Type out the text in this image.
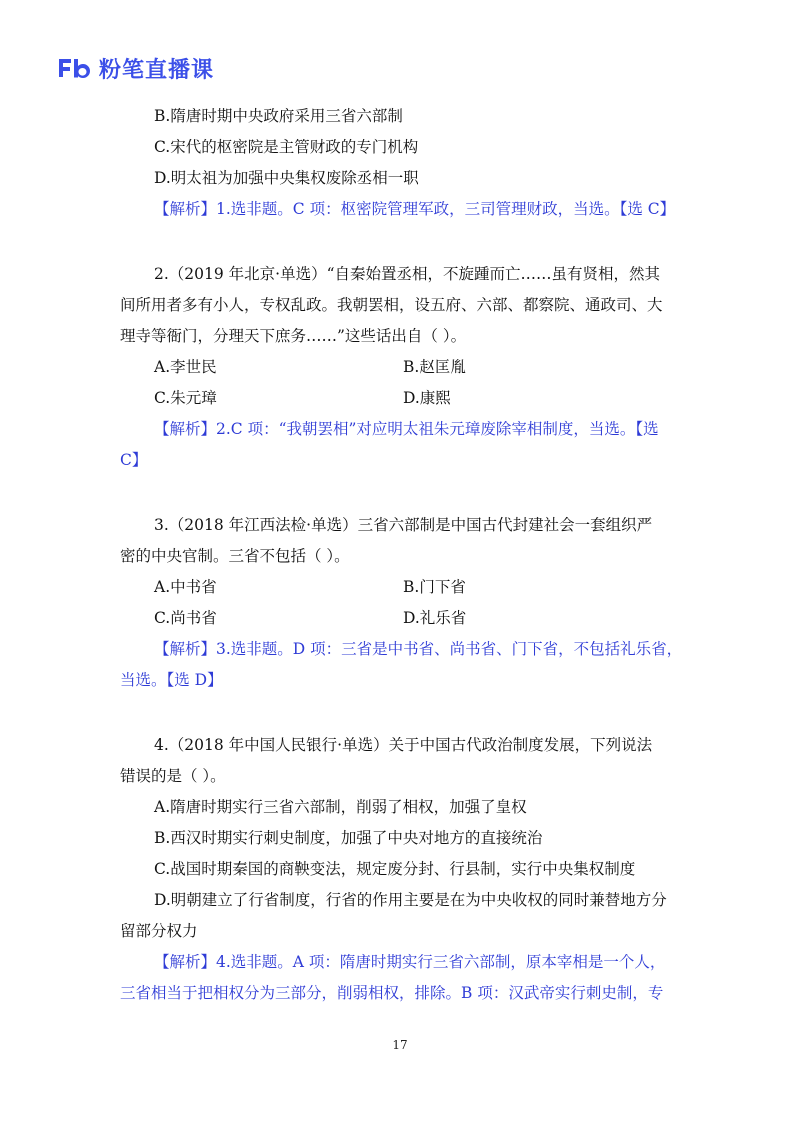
粉笔直播课
B.隋唐时期中央政府采用三省六部制
C.宋代的枢密院是主管财政的专门机构
D.明太祖为加强中央集权废除丞相一职
【解析】1.选非题。C 项：枢密院管理军政，三司管理财政，当选。【选 C】
2.（2019 年北京·单选）“自秦始置丞相，不旋踵而亡……虽有贤相，然其
间所用者多有小人，专权乱政。我朝罢相，设五府、六部、都察院、通政司、大
理寺等衙门，分理天下庶务……”这些话出自（ ）。
A.李世民	B.赵匡胤
C.朱元璋	D.康熙
【解析】2.C 项：“我朝罢相”对应明太祖朱元璋废除宰相制度，当选。【选
C】
3.（2018 年江西法检·单选）三省六部制是中国古代封建社会一套组织严
密的中央官制。三省不包括（ ）。
A.中书省	B.门下省
C.尚书省	D.礼乐省
【解析】3.选非题。D 项：三省是中书省、尚书省、门下省，不包括礼乐省，
当选。【选 D】
4.（2018 年中国人民银行·单选）关于中国古代政治制度发展，下列说法
错误的是（ ）。
A.隋唐时期实行三省六部制，削弱了相权，加强了皇权
B.西汉时期实行刺史制度，加强了中央对地方的直接统治
C.战国时期秦国的商鞅变法，规定废分封、行县制，实行中央集权制度
D.明朝建立了行省制度，行省的作用主要是在为中央收权的同时兼替地方分
留部分权力
【解析】4.选非题。A 项：隋唐时期实行三省六部制，原本宰相是一个人，
三省相当于把相权分为三部分，削弱相权，排除。B 项：汉武帝实行刺史制，专
17
